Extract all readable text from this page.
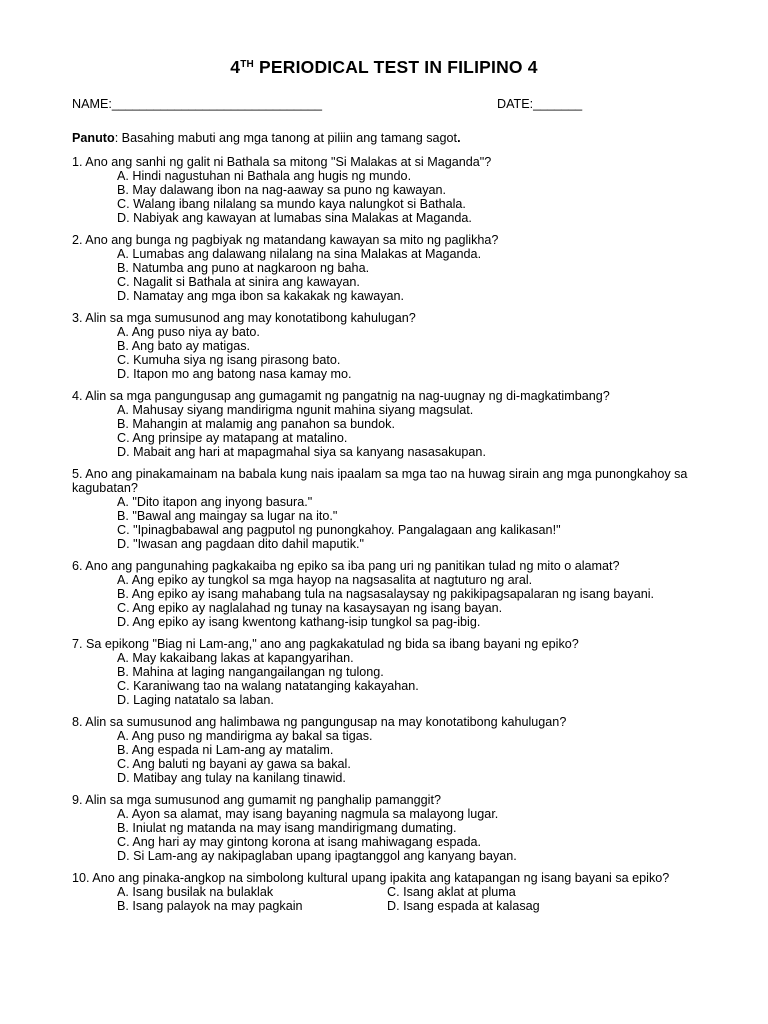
4TH PERIODICAL TEST IN FILIPINO 4
NAME:______________________________	DATE:_______
Panuto: Basahing mabuti ang mga tanong at piliin ang tamang sagot.
1. Ano ang sanhi ng galit ni Bathala sa mitong "Si Malakas at si Maganda"?
A. Hindi nagustuhan ni Bathala ang hugis ng mundo.
B. May dalawang ibon na nag-aaway sa puno ng kawayan.
C. Walang ibang nilalang sa mundo kaya nalungkot si Bathala.
D. Nabiyak ang kawayan at lumabas sina Malakas at Maganda.
2. Ano ang bunga ng pagbiyak ng matandang kawayan sa mito ng paglikha?
A. Lumabas ang dalawang nilalang na sina Malakas at Maganda.
B. Natumba ang puno at nagkaroon ng baha.
C. Nagalit si Bathala at sinira ang kawayan.
D. Namatay ang mga ibon sa kakakak ng kawayan.
3. Alin sa mga sumusunod ang may konotatibong kahulugan?
A. Ang puso niya ay bato.
B. Ang bato ay matigas.
C. Kumuha siya ng isang pirasong bato.
D. Itapon mo ang batong nasa kamay mo.
4. Alin sa mga pangungusap ang gumagamit ng pangatnig na nag-uugnay ng di-magkatimbang?
A. Mahusay siyang mandirigma ngunit mahina siyang magsulat.
B. Mahangin at malamig ang panahon sa bundok.
C. Ang prinsipe ay matapang at matalino.
D. Mabait ang hari at mapagmahal siya sa kanyang nasasakupan.
5. Ano ang pinakamainam na babala kung nais ipaalam sa mga tao na huwag sirain ang mga punongkahoy sa kagubatan?
A. "Dito itapon ang inyong basura."
B. "Bawal ang maingay sa lugar na ito."
C. "Ipinagbabawal ang pagputol ng punongkahoy. Pangalagaan ang kalikasan!"
D. "Iwasan ang pagdaan dito dahil maputik."
6. Ano ang pangunahing pagkakaiba ng epiko sa iba pang uri ng panitikan tulad ng mito o alamat?
A. Ang epiko ay tungkol sa mga hayop na nagsasalita at nagtuturo ng aral.
B. Ang epiko ay isang mahabang tula na nagsasalaysay ng pakikipagsapalaran ng isang bayani.
C. Ang epiko ay naglalahad ng tunay na kasaysayan ng isang bayan.
D. Ang epiko ay isang kwentong kathang-isip tungkol sa pag-ibig.
7. Sa epikong "Biag ni Lam-ang," ano ang pagkakatulad ng bida sa ibang bayani ng epiko?
A. May kakaibang lakas at kapangyarihan.
B. Mahina at laging nangangailangan ng tulong.
C. Karaniwang tao na walang natatanging kakayahan.
D. Laging natatalo sa laban.
8. Alin sa sumusunod ang halimbawa ng pangungusap na may konotatibong kahulugan?
A. Ang puso ng mandirigma ay bakal sa tigas.
B. Ang espada ni Lam-ang ay matalim.
C. Ang baluti ng bayani ay gawa sa bakal.
D. Matibay ang tulay na kanilang tinawid.
9. Alin sa mga sumusunod ang gumamit ng panghalip pamanggit?
A. Ayon sa alamat, may isang bayaning nagmula sa malayong lugar.
B. Iniulat ng matanda na may isang mandirigmang dumating.
C. Ang hari ay may gintong korona at isang mahiwagang espada.
D. Si Lam-ang ay nakipaglaban upang ipagtanggol ang kanyang bayan.
10. Ano ang pinaka-angkop na simbolong kultural upang ipakita ang katapangan ng isang bayani sa epiko?
A. Isang busilak na bulaklak	C. Isang aklat at pluma
B. Isang palayok na may pagkain	D. Isang espada at kalasag
